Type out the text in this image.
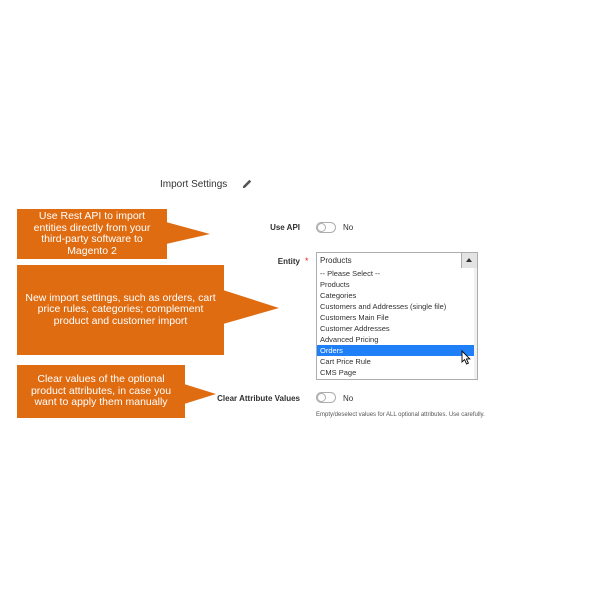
Import Settings
Use API	No
Entity * Products
-- Please Select --
Products
Categories
Customers and Addresses (single file)
Customers Main File
Customer Addresses
Advanced Pricing
Orders
Cart Price Rule
CMS Page
Clear Attribute Values	No
Empty/deselect values for ALL optional attributes. Use carefully.
Use Rest API to import entities directly from your third-party software to Magento 2
New import settings, such as orders, cart price rules, categories; complement product and customer import
Clear values of the optional product attributes, in case you want to apply them manually
